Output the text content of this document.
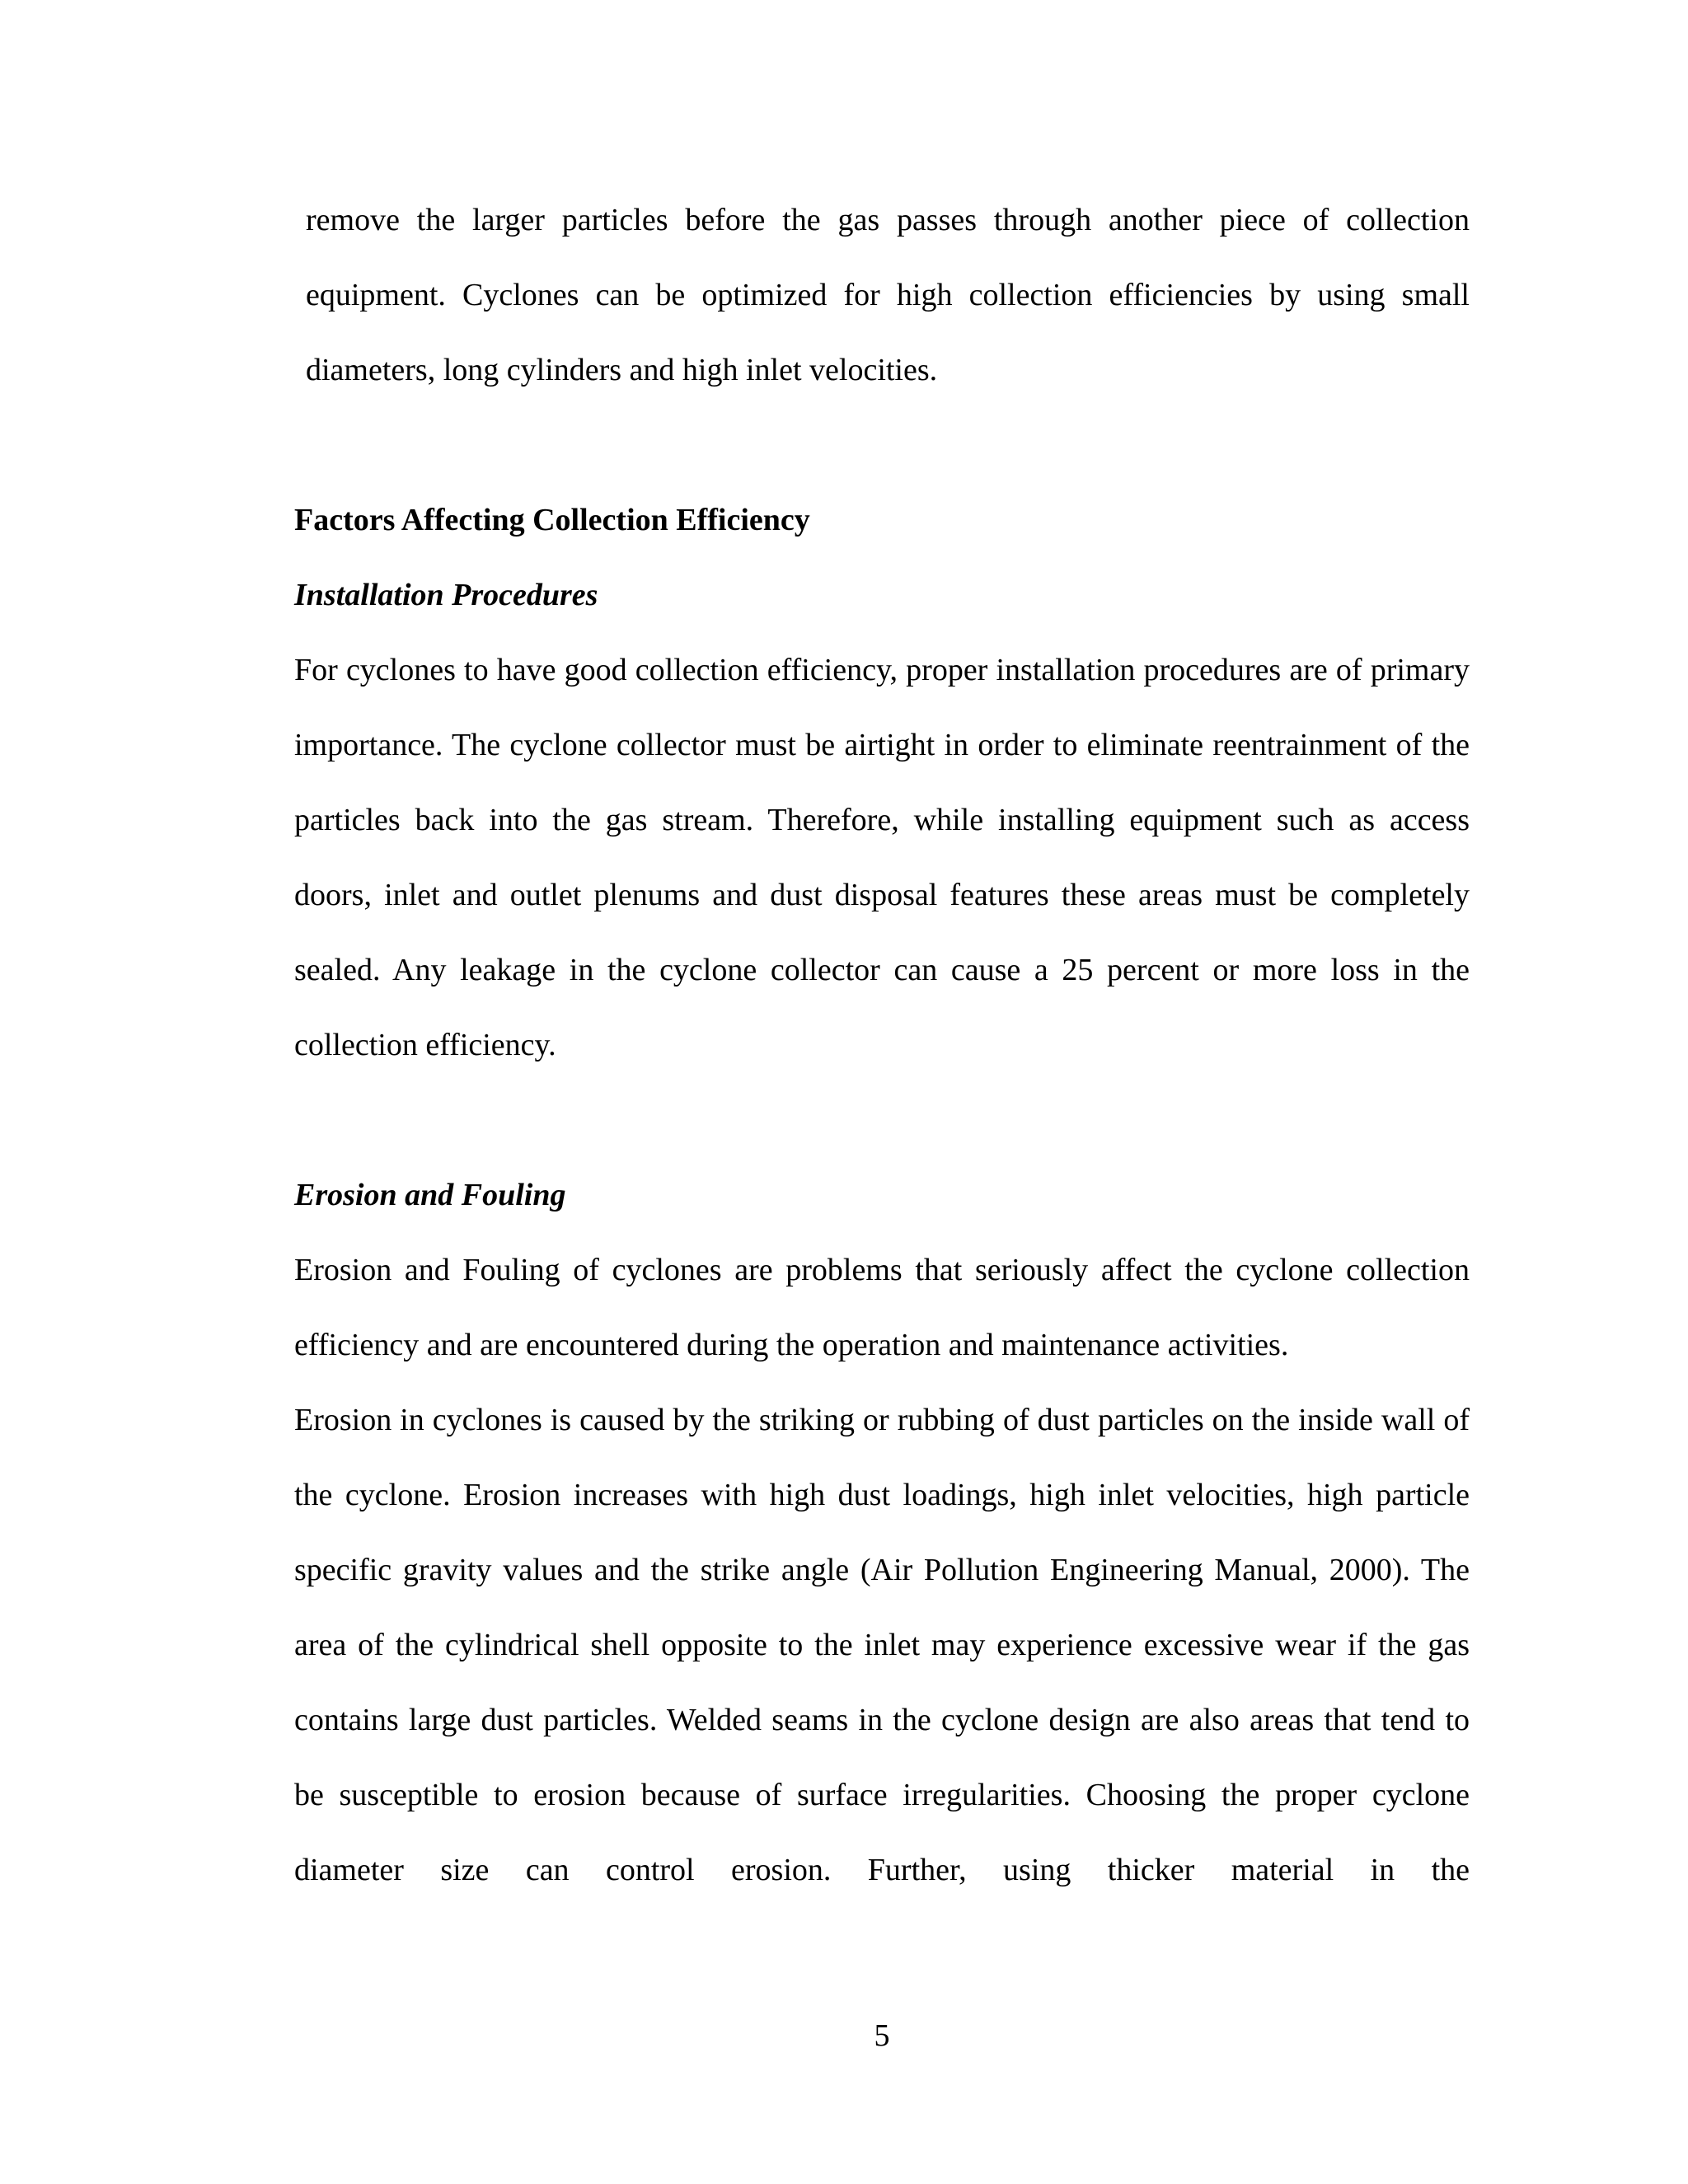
remove the larger particles before the gas passes through another piece of collection equipment. Cyclones can be optimized for high collection efficiencies by using small diameters, long cylinders and high inlet velocities.

Factors Affecting Collection Efficiency
Installation Procedures

For cyclones to have good collection efficiency, proper installation procedures are of primary importance. The cyclone collector must be airtight in order to eliminate reentrainment of the particles back into the gas stream. Therefore, while installing equipment such as access doors, inlet and outlet plenums and dust disposal features these areas must be completely sealed. Any leakage in the cyclone collector can cause a 25 percent or more loss in the collection efficiency.

Erosion and Fouling

Erosion and Fouling of cyclones are problems that seriously affect the cyclone collection efficiency and are encountered during the operation and maintenance activities.

Erosion in cyclones is caused by the striking or rubbing of dust particles on the inside wall of the cyclone. Erosion increases with high dust loadings, high inlet velocities, high particle specific gravity values and the strike angle (Air Pollution Engineering Manual, 2000). The area of the cylindrical shell opposite to the inlet may experience excessive wear if the gas contains large dust particles. Welded seams in the cyclone design are also areas that tend to be susceptible to erosion because of surface irregularities. Choosing the proper cyclone diameter size can control erosion. Further, using thicker material in the

5
